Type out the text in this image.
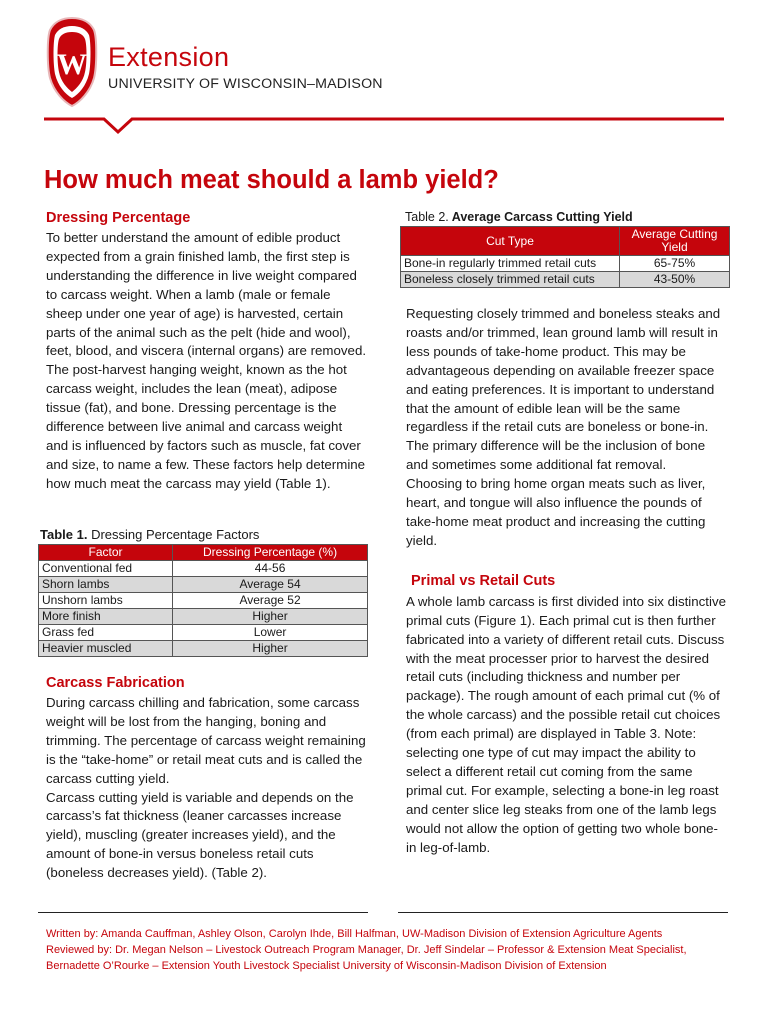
W Extension
UNIVERSITY OF WISCONSIN–MADISON
How much meat should a lamb yield?
Dressing Percentage

To better understand the amount of edible product expected from a grain finished lamb, the first step is understanding the difference in live weight compared to carcass weight. When a lamb (male or female sheep under one year of age) is harvested, certain parts of the animal such as the pelt (hide and wool), feet, blood, and viscera (internal organs) are removed. The post-harvest hanging weight, known as the hot carcass weight, includes the lean (meat), adipose tissue (fat), and bone. Dressing percentage is the difference between live animal and carcass weight and is influenced by factors such as muscle, fat cover and size, to name a few. These factors help determine how much meat the carcass may yield (Table 1).

Table 1. Dressing Percentage Factors
Factor	Dressing Percentage (%)
Conventional fed	44-56
Shorn lambs	Average 54
Unshorn lambs	Average 52
More finish	Higher
Grass fed	Lower
Heavier muscled	Higher
Carcass Fabrication

During carcass chilling and fabrication, some carcass weight will be lost from the hanging, boning and trimming. The percentage of carcass weight remaining is the “take-home” or retail meat cuts and is called the carcass cutting yield.

Carcass cutting yield is variable and depends on the carcass’s fat thickness (leaner carcasses increase yield), muscling (greater increases yield), and the amount of bone-in versus boneless retail cuts (boneless decreases yield). (Table 2).

Table 2. Average Carcass Cutting Yield
Cut Type	Average Cutting Yield
Bone-in regularly trimmed retail cuts	65-75%
Boneless closely trimmed retail cuts	43-50%

Requesting closely trimmed and boneless steaks and roasts and/or trimmed, lean ground lamb will result in less pounds of take-home product. This may be advantageous depending on available freezer space and eating preferences. It is important to understand that the amount of edible lean will be the same regardless if the retail cuts are boneless or bone-in. The primary difference will be the inclusion of bone and sometimes some additional fat removal. Choosing to bring home organ meats such as liver, heart, and tongue will also influence the pounds of take-home meat product and increasing the cutting yield.

Primal vs Retail Cuts

A whole lamb carcass is first divided into six distinctive primal cuts (Figure 1). Each primal cut is then further fabricated into a variety of different retail cuts. Discuss with the meat processer prior to harvest the desired retail cuts (including thickness and number per package). The rough amount of each primal cut (% of the whole carcass) and the possible retail cut choices (from each primal) are displayed in Table 3. Note: selecting one type of cut may impact the ability to select a different retail cut coming from the same primal cut. For example, selecting a bone-in leg roast and center slice leg steaks from one of the lamb legs would not allow the option of getting two whole bone-in leg-of-lamb.

Written by: Amanda Cauffman, Ashley Olson, Carolyn Ihde, Bill Halfman, UW-Madison Division of Extension Agriculture Agents
Reviewed by: Dr. Megan Nelson – Livestock Outreach Program Manager, Dr. Jeff Sindelar – Professor & Extension Meat Specialist,
Bernadette O’Rourke – Extension Youth Livestock Specialist University of Wisconsin-Madison Division of Extension
